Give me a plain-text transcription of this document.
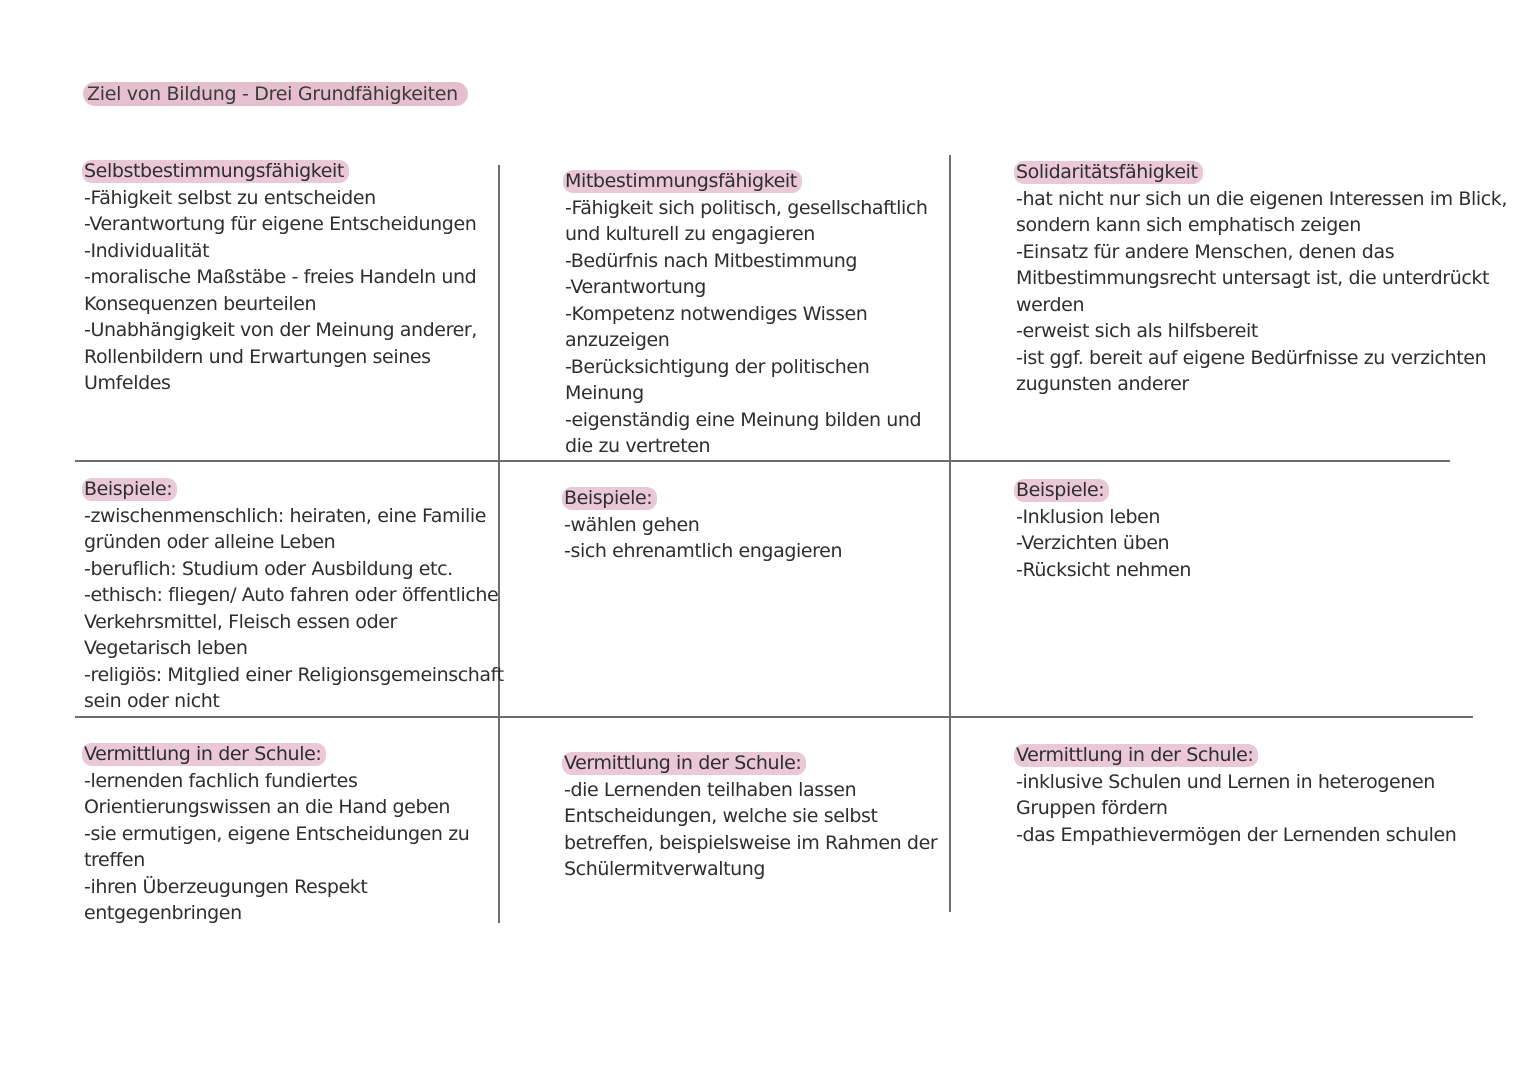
Ziel von Bildung - Drei Grundfähigkeiten
Selbstbestimmungsfähigkeit
-Fähigkeit selbst zu entscheiden
-Verantwortung für eigene Entscheidungen
-Individualität
-moralische Maßstäbe - freies Handeln und
Konsequenzen beurteilen
-Unabhängigkeit von der Meinung anderer,
Rollenbildern und Erwartungen seines
Umfeldes
Mitbestimmungsfähigkeit
-Fähigkeit sich politisch, gesellschaftlich
und kulturell zu engagieren
-Bedürfnis nach Mitbestimmung
-Verantwortung
-Kompetenz notwendiges Wissen
anzuzeigen
-Berücksichtigung der politischen
Meinung
-eigenständig eine Meinung bilden und
die zu vertreten
Solidaritätsfähigkeit
-hat nicht nur sich un die eigenen Interessen im Blick,
sondern kann sich emphatisch zeigen
-Einsatz für andere Menschen, denen das
Mitbestimmungsrecht untersagt ist, die unterdrückt
werden
-erweist sich als hilfsbereit
-ist ggf. bereit auf eigene Bedürfnisse zu verzichten
zugunsten anderer
Beispiele:
-zwischenmenschlich: heiraten, eine Familie
gründen oder alleine Leben
-beruflich: Studium oder Ausbildung etc.
-ethisch: fliegen/ Auto fahren oder öffentliche
Verkehrsmittel, Fleisch essen oder
Vegetarisch leben
-religiös: Mitglied einer Religionsgemeinschaft
sein oder nicht
Beispiele:
-wählen gehen
-sich ehrenamtlich engagieren
Beispiele:
-Inklusion leben
-Verzichten üben
-Rücksicht nehmen
Vermittlung in der Schule:
-lernenden fachlich fundiertes
Orientierungswissen an die Hand geben
-sie ermutigen, eigene Entscheidungen zu
treffen
-ihren Überzeugungen Respekt
entgegenbringen
Vermittlung in der Schule:
-die Lernenden teilhaben lassen
Entscheidungen, welche sie selbst
betreffen, beispielsweise im Rahmen der
Schülermitverwaltung
Vermittlung in der Schule:
-inklusive Schulen und Lernen in heterogenen
Gruppen fördern
-das Empathievermögen der Lernenden schulen
